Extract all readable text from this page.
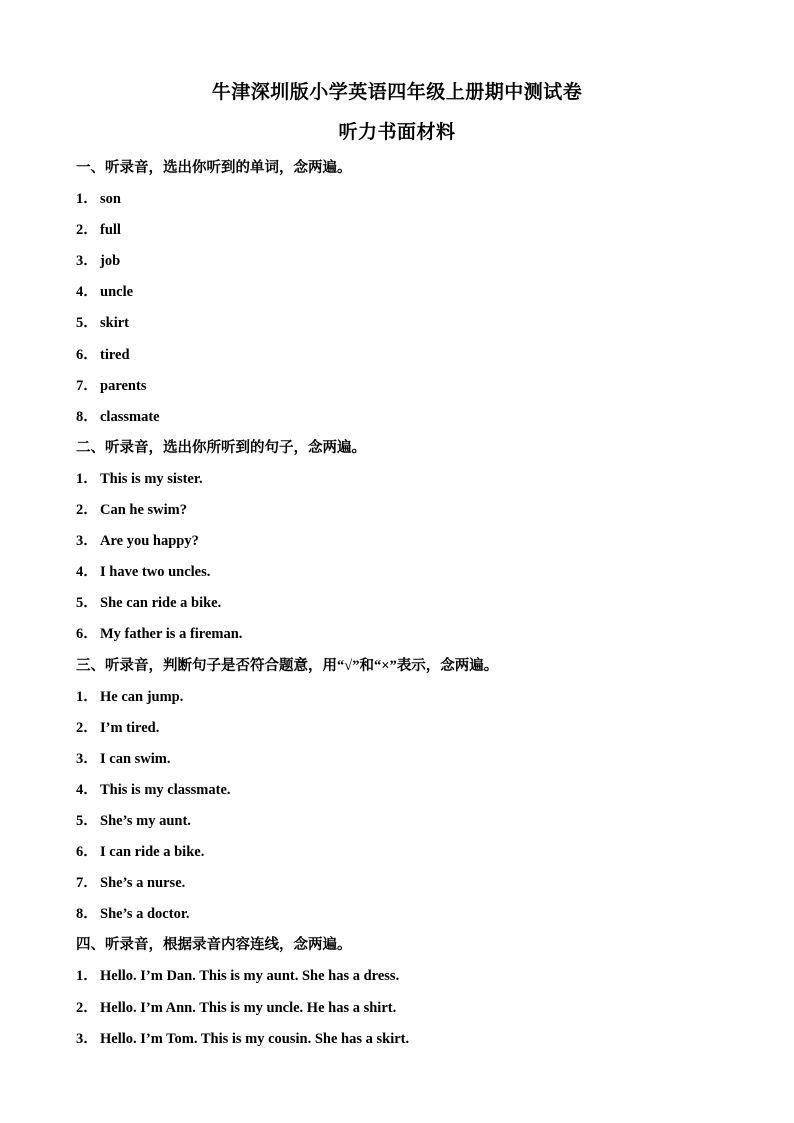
牛津深圳版小学英语四年级上册期中测试卷
听力书面材料
一、听录音，选出你听到的单词，念两遍。
1． son
2． full
3． job
4． uncle
5． skirt
6． tired
7． parents
8． classmate
二、听录音，选出你所听到的句子，念两遍。
1． This is my sister.
2． Can he swim?
3． Are you happy?
4． I have two uncles.
5． She can ride a bike.
6． My father is a fireman.
三、听录音，判断句子是否符合题意，用“√”和“×”表示，念两遍。
1． He can jump.
2． I’m tired.
3． I can swim.
4． This is my classmate.
5． She’s my aunt.
6． I can ride a bike.
7． She’s a nurse.
8． She’s a doctor.
四、听录音，根据录音内容连线，念两遍。
1． Hello. I’m Dan. This is my aunt. She has a dress.
2． Hello. I’m Ann. This is my uncle. He has a shirt.
3． Hello. I’m Tom. This is my cousin. She has a skirt.
